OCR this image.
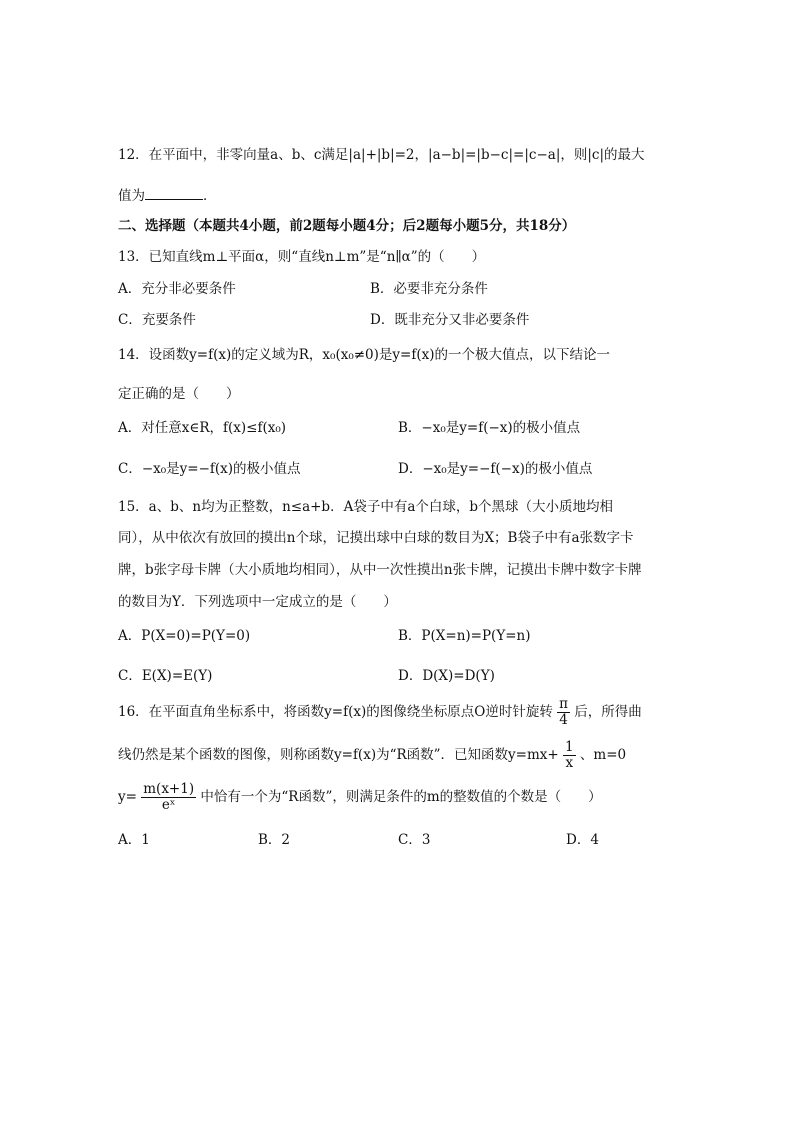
12．在平面中，非零向量a、b、c满足|a|+|b|=2，|a−b|=|b−c|=|c−a|，则|c|的最大
值为	．
二、选择题（本题共4小题，前2题每小题4分；后2题每小题5分，共18分）
13．已知直线m⊥平面α，则“直线n⊥m”是“n∥α”的（　　）
A．充分非必要条件	B．必要非充分条件
C．充要条件	D．既非充分又非必要条件
14．设函数y=f(x)的定义域为R，x₀(x₀≠0)是y=f(x)的一个极大值点，以下结论一
定正确的是（　　）
A．对任意x∈R，f(x)≤f(x₀)	B．−x₀是y=f(−x)的极小值点
C．−x₀是y=−f(x)的极小值点	D．−x₀是y=−f(−x)的极小值点
15．a、b、n均为正整数，n≤a+b．A袋子中有a个白球，b个黑球（大小质地均相
同），从中依次有放回的摸出n个球，记摸出球中白球的数目为X；B袋子中有a张数字卡
牌，b张字母卡牌（大小质地均相同），从中一次性摸出n张卡牌，记摸出卡牌中数字卡牌
的数目为Y．下列选项中一定成立的是（　　）
A．P(X=0)=P(Y=0)	B．P(X=n)=P(Y=n)
C．E(X)=E(Y)	D．D(X)=D(Y)
16．在平面直角坐标系中，将函数y=f(x)的图像绕坐标原点O逆时针旋转 $\frac{\pi}{4}$ 后，所得曲
线仍然是某个函数的图像，则称函数y=f(x)为“R函数”．已知函数$y=mx+ \frac{1}{x}$ 、m=0
$y= \frac{m(x+1)}{\text{eˣ}}$ 中恰有一个为“R函数”，则满足条件的m的整数值的个数是（　　）
A．1	B．2	C．3	D．4
